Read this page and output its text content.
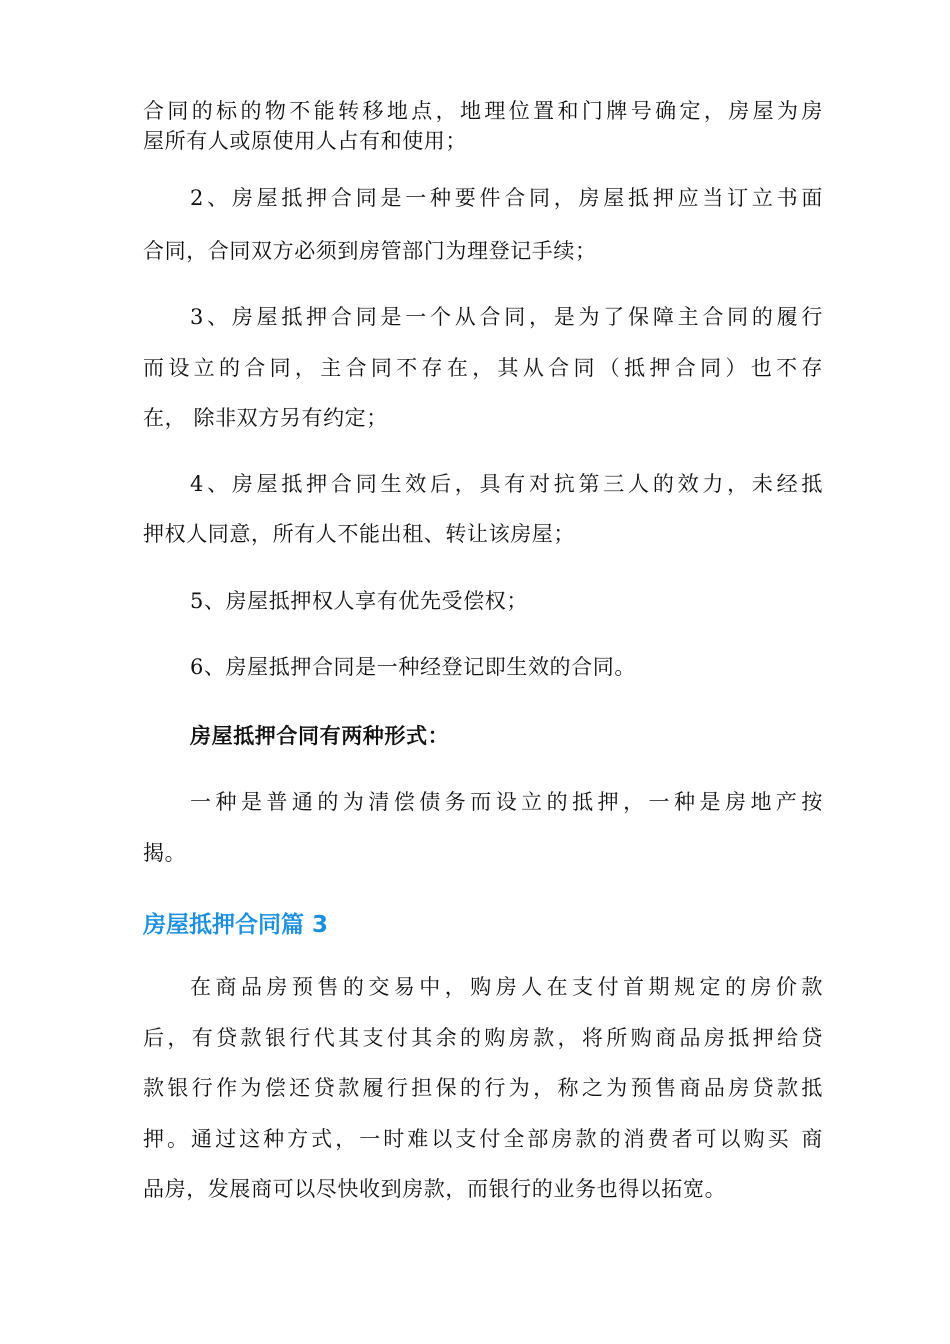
合同的标的物不能转移地点，地理位置和门牌号确定，房屋为房
屋所有人或原使用人占有和使用；
2、房屋抵押合同是一种要件合同，房屋抵押应当订立书面
合同，合同双方必须到房管部门为理登记手续；
3、房屋抵押合同是一个从合同，是为了保障主合同的履行
而设立的合同，主合同不存在，其从合同（抵押合同）也不存
在， 除非双方另有约定；
4、房屋抵押合同生效后，具有对抗第三人的效力，未经抵
押权人同意，所有人不能出租、转让该房屋；
5、房屋抵押权人享有优先受偿权；
6、房屋抵押合同是一种经登记即生效的合同。
房屋抵押合同有两种形式：
一种是普通的为清偿债务而设立的抵押，一种是房地产按
揭。
房屋抵押合同篇 3
在商品房预售的交易中，购房人在支付首期规定的房价款
后，有贷款银行代其支付其余的购房款，将所购商品房抵押给贷
款银行作为偿还贷款履行担保的行为，称之为预售商品房贷款抵
押。通过这种方式，一时难以支付全部房款的消费者可以购买 商
品房，发展商可以尽快收到房款，而银行的业务也得以拓宽。
